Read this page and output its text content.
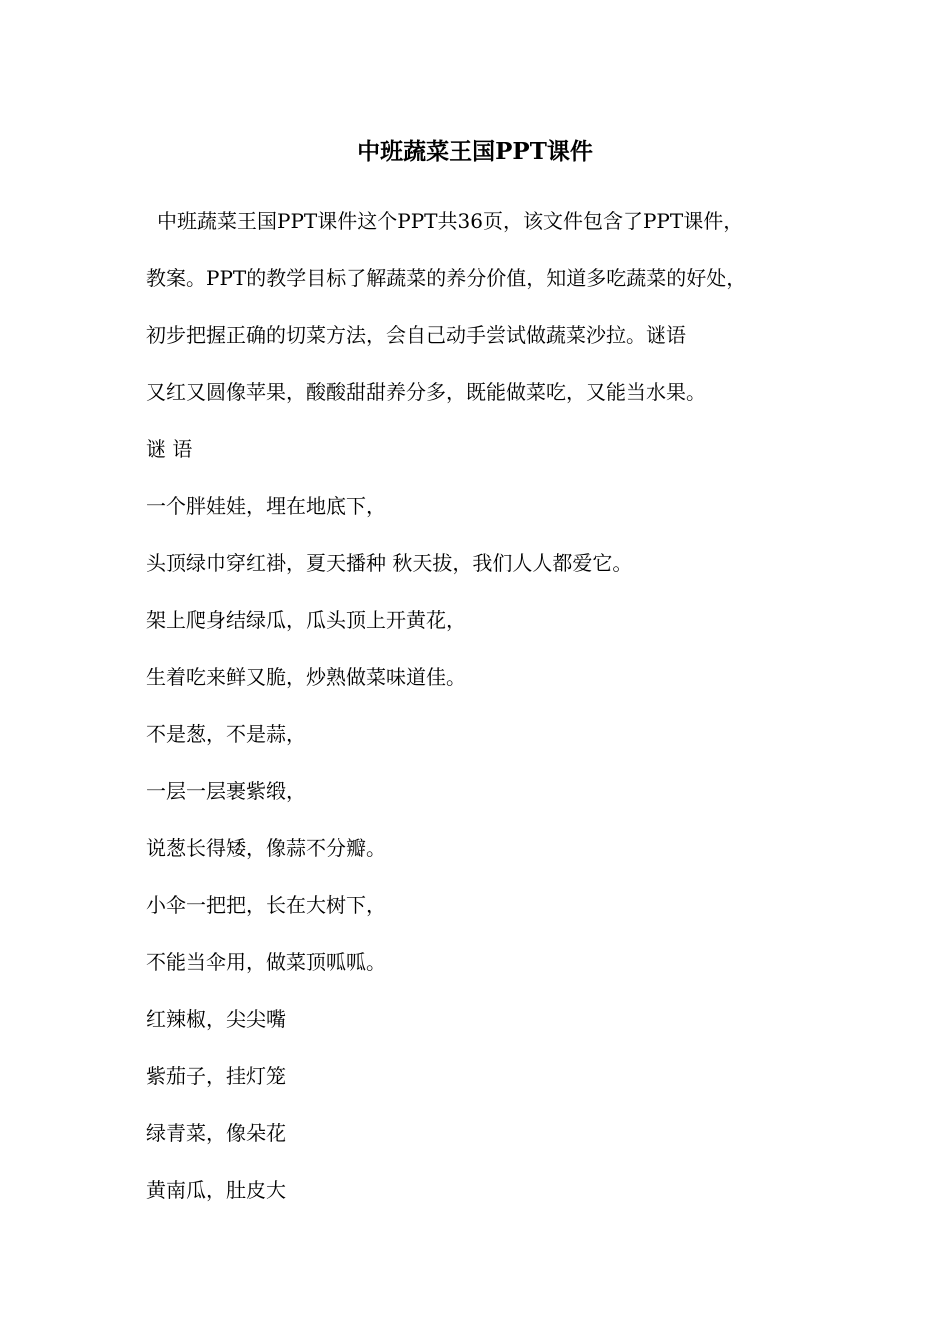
中班蔬菜王国PPT课件
中班蔬菜王国PPT课件这个PPT共36页，该文件包含了PPT课件，
教案。PPT的教学目标了解蔬菜的养分价值，知道多吃蔬菜的好处，
初步把握正确的切菜方法，会自己动手尝试做蔬菜沙拉。谜语
又红又圆像苹果，酸酸甜甜养分多，既能做菜吃，又能当水果。
谜 语
一个胖娃娃，埋在地底下，
头顶绿巾穿红褂，夏天播种 秋天拔，我们人人都爱它。
架上爬身结绿瓜，瓜头顶上开黄花，
生着吃来鲜又脆，炒熟做菜味道佳。
不是葱，不是蒜，
一层一层裹紫缎，
说葱长得矮，像蒜不分瓣。
小伞一把把，长在大树下，
不能当伞用，做菜顶呱呱。
红辣椒，尖尖嘴
紫茄子，挂灯笼
绿青菜，像朵花
黄南瓜，肚皮大
